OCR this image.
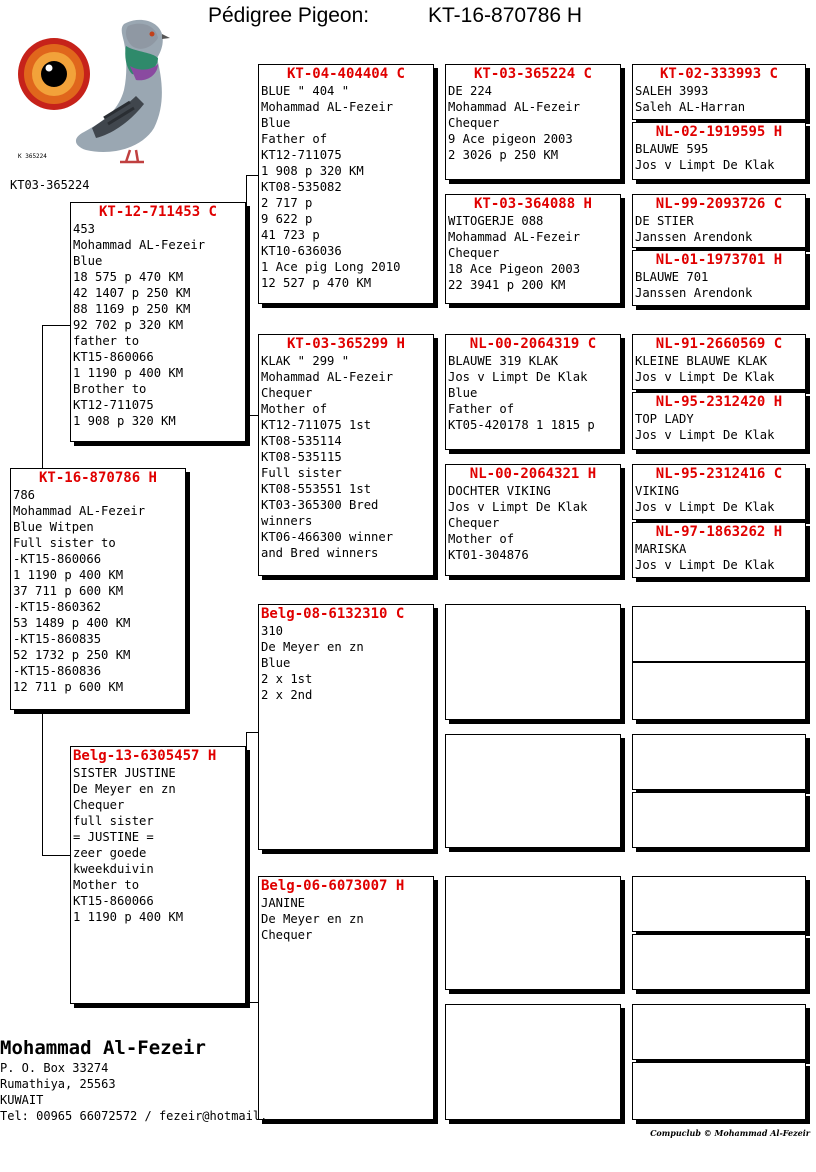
Pédigree Pigeon:	KT-16-870786 H
K 365224
KT03-365224
KT-16-870786 H
786
Mohammad AL-Fezeir
Blue Witpen
Full sister to
-KT15-860066
1 1190 p 400 KM
37 711 p 600 KM
-KT15-860362
53 1489 p 400 KM
-KT15-860835
52 1732 p 250 KM
-KT15-860836
12 711 p 600 KM
KT-12-711453 C
453
Mohammad AL-Fezeir
Blue
18 575 p 470 KM
42 1407 p 250 KM
88 1169 p 250 KM
92 702 p 320 KM
father to
KT15-860066
1 1190 p 400 KM
Brother to
KT12-711075
1 908 p 320 KM
Belg-13-6305457 H
SISTER JUSTINE
De Meyer en zn
Chequer
full sister
= JUSTINE =
zeer goede
kweekduivin
Mother to
KT15-860066
1 1190 p 400 KM
KT-04-404404 C
BLUE " 404 "
Mohammad AL-Fezeir
Blue
Father of
KT12-711075
1 908 p 320 KM
KT08-535082
2 717 p
9 622 p
41 723 p
KT10-636036
1 Ace pig Long 2010
12 527 p 470 KM
KT-03-365299 H
KLAK " 299 "
Mohammad AL-Fezeir
Chequer
Mother of
KT12-711075 1st
KT08-535114
KT08-535115
Full sister
KT08-553551 1st
KT03-365300 Bred
winners
KT06-466300 winner
and Bred winners
Belg-08-6132310 C
310
De Meyer en zn
Blue
2 x 1st
2 x 2nd
Belg-06-6073007 H
JANINE
De Meyer en zn
Chequer
KT-03-365224 C
DE 224
Mohammad AL-Fezeir
Chequer
9 Ace pigeon 2003
2 3026 p 250 KM
KT-03-364088 H
WITOGERJE 088
Mohammad AL-Fezeir
Chequer
18 Ace Pigeon 2003
22 3941 p 200 KM
NL-00-2064319 C
BLAUWE 319 KLAK
Jos v Limpt De Klak
Blue
Father of
KT05-420178 1 1815 p
NL-00-2064321 H
DOCHTER VIKING
Jos v Limpt De Klak
Chequer
Mother of
KT01-304876
KT-02-333993 C
SALEH 3993
Saleh AL-Harran
NL-02-1919595 H
BLAUWE 595
Jos v Limpt De Klak
NL-99-2093726 C
DE STIER
Janssen Arendonk
NL-01-1973701 H
BLAUWE 701
Janssen Arendonk
NL-91-2660569 C
KLEINE BLAUWE KLAK
Jos v Limpt De Klak
NL-95-2312420 H
TOP LADY
Jos v Limpt De Klak
NL-95-2312416 C
VIKING
Jos v Limpt De Klak
NL-97-1863262 H
MARISKA
Jos v Limpt De Klak
Mohammad Al-Fezeir
P. O. Box 33274
Rumathiya, 25563
KUWAIT
Tel: 00965 66072572 / fezeir@hotmail.
Compuclub © Mohammad Al-Fezeir
